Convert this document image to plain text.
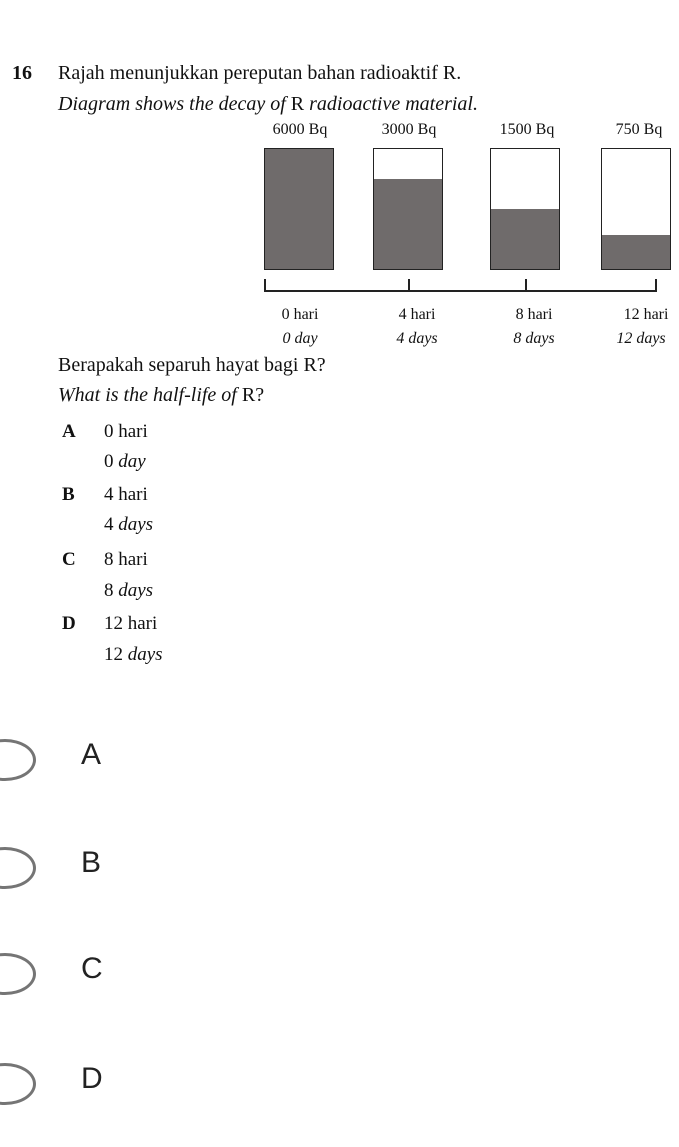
16 Rajah menunjukkan pereputan bahan radioaktif R.
Diagram shows the decay of R radioactive material.
6000 Bq	3000 Bq	1500 Bq	750 Bq
0 hari	4 hari	8 hari	12 hari
0 day	4 days	8 days	12 days
Berapakah separuh hayat bagi R?
What is the half-life of R?
A 0 hari
0 day
B 4 hari
4 days
C 8 hari
8 days
D 12 hari
12 days
A
B
C
D
